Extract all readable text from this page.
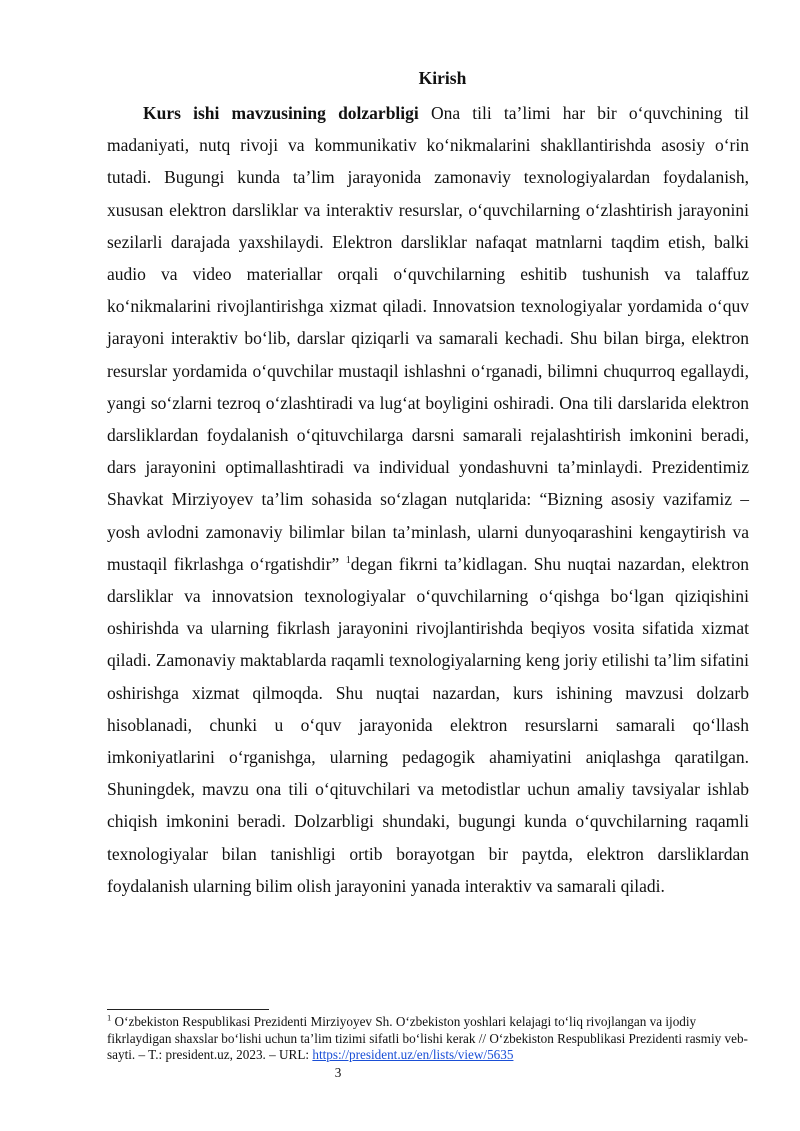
Kirish

Kurs ishi mavzusining dolzarbligi Ona tili ta’limi har bir o‘quvchining til madaniyati, nutq rivoji va kommunikativ ko‘nikmalarini shakllantirishda asosiy o‘rin tutadi. Bugungi kunda ta’lim jarayonida zamonaviy texnologiyalardan foydalanish, xususan elektron darsliklar va interaktiv resurslar, o‘quvchilarning o‘zlashtirish jarayonini sezilarli darajada yaxshilaydi. Elektron darsliklar nafaqat matnlarni taqdim etish, balki audio va video materiallar orqali o‘quvchilarning eshitib tushunish va talaffuz ko‘nikmalarini rivojlantirishga xizmat qiladi. Innovatsion texnologiyalar yordamida o‘quv jarayoni interaktiv bo‘lib, darslar qiziqarli va samarali kechadi. Shu bilan birga, elektron resurslar yordamida o‘quvchilar mustaqil ishlashni o‘rganadi, bilimni chuqurroq egallaydi, yangi so‘zlarni tezroq o‘zlashtiradi va lug‘at boyligini oshiradi. Ona tili darslarida elektron darsliklardan foydalanish o‘qituvchilarga darsni samarali rejalashtirish imkonini beradi, dars jarayonini optimallashtiradi va individual yondashuvni ta’minlaydi. Prezidentimiz Shavkat Mirziyoyev ta’lim sohasida so‘zlagan nutqlarida: “Bizning asosiy vazifamiz – yosh avlodni zamonaviy bilimlar bilan ta’minlash, ularni dunyoqarashini kengaytirish va mustaqil fikrlashga o‘rgatishdir” $^1$degan fikrni ta’kidlagan. Shu nuqtai nazardan, elektron darsliklar va innovatsion texnologiyalar o‘quvchilarning o‘qishga bo‘lgan qiziqishini oshirishda va ularning fikrlash jarayonini rivojlantirishda beqiyos vosita sifatida xizmat qiladi. Zamonaviy maktablarda raqamli texnologiyalarning keng joriy etilishi ta’lim sifatini oshirishga xizmat qilmoqda. Shu nuqtai nazardan, kurs ishining mavzusi dolzarb hisoblanadi, chunki u o‘quv jarayonida elektron resurslarni samarali qo‘llash imkoniyatlarini o‘rganishga, ularning pedagogik ahamiyatini aniqlashga qaratilgan. Shuningdek, mavzu ona tili o‘qituvchilari va metodistlar uchun amaliy tavsiyalar ishlab chiqish imkonini beradi. Dolzarbligi shundaki, bugungi kunda o‘quvchilarning raqamli texnologiyalar bilan tanishligi ortib borayotgan bir paytda, elektron darsliklardan foydalanish ularning bilim olish jarayonini yanada interaktiv va samarali qiladi.

$^1$ O‘zbekiston Respublikasi Prezidenti Mirziyoyev Sh. O‘zbekiston yoshlari kelajagi to‘liq rivojlangan va ijodiy fikrlaydigan shaxslar bo‘lishi uchun ta’lim tizimi sifatli bo‘lishi kerak // O‘zbekiston Respublikasi Prezidenti rasmiy veb-sayti. – T.: president.uz, 2023. – URL: https://president.uz/en/lists/view/5635

3
